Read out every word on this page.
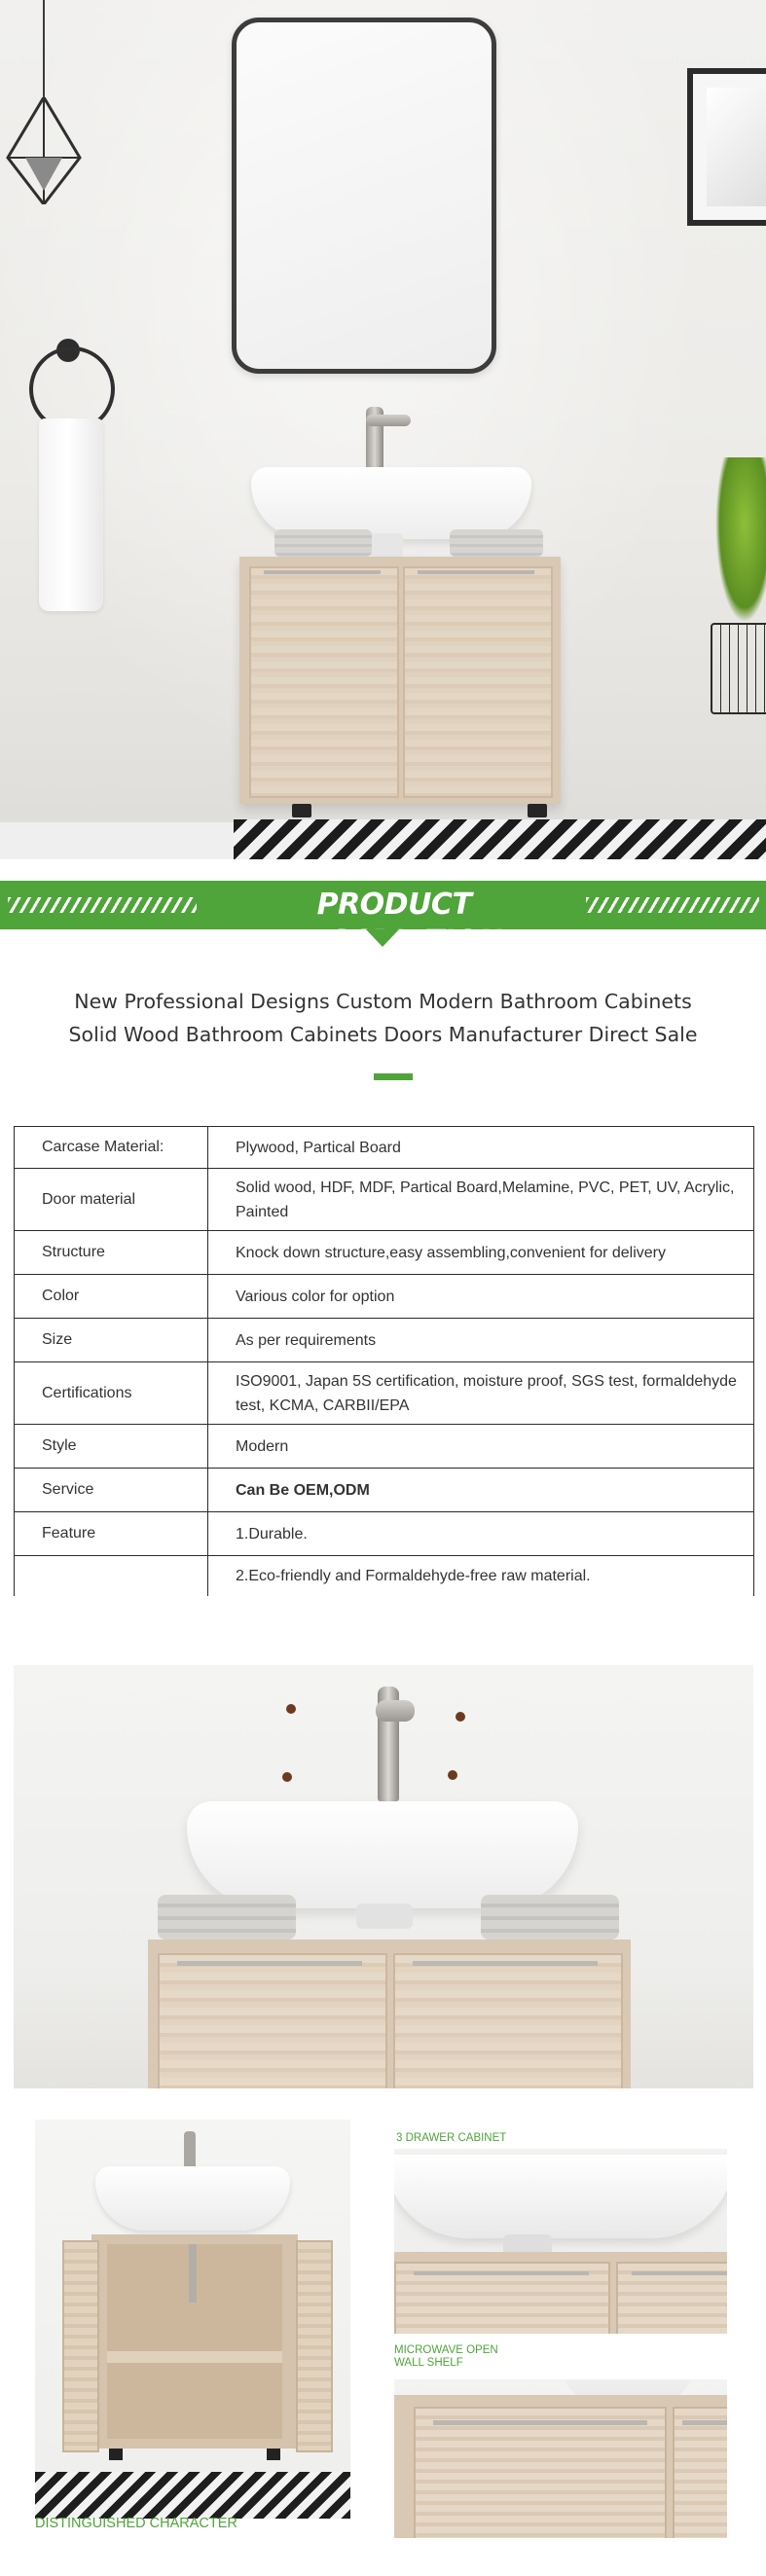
PRODUCT DESCRIPTION
New Professional Designs Custom Modern Bathroom Cabinets
Solid Wood Bathroom Cabinets Doors Manufacturer Direct Sale
Carcase Material:	Plywood, Partical Board
Door material	Solid wood, HDF, MDF, Partical Board,Melamine, PVC, PET, UV, Acrylic,
Painted

Structure	Knock down structure,easy assembling,convenient for delivery
Color	Various color for option
Size	As per requirements
Certifications	ISO9001, Japan 5S certification, moisture proof, SGS test, formaldehyde
test, KCMA, CARBII/EPA

Style	Modern
Service	Can Be OEM,ODM
Feature	1.Durable.
	2.Eco-friendly and Formaldehyde-free raw material.
DISTINGUISHED CHARACTER
3 DRAWER CABINET
MICROWAVE OPEN WALL SHELF
